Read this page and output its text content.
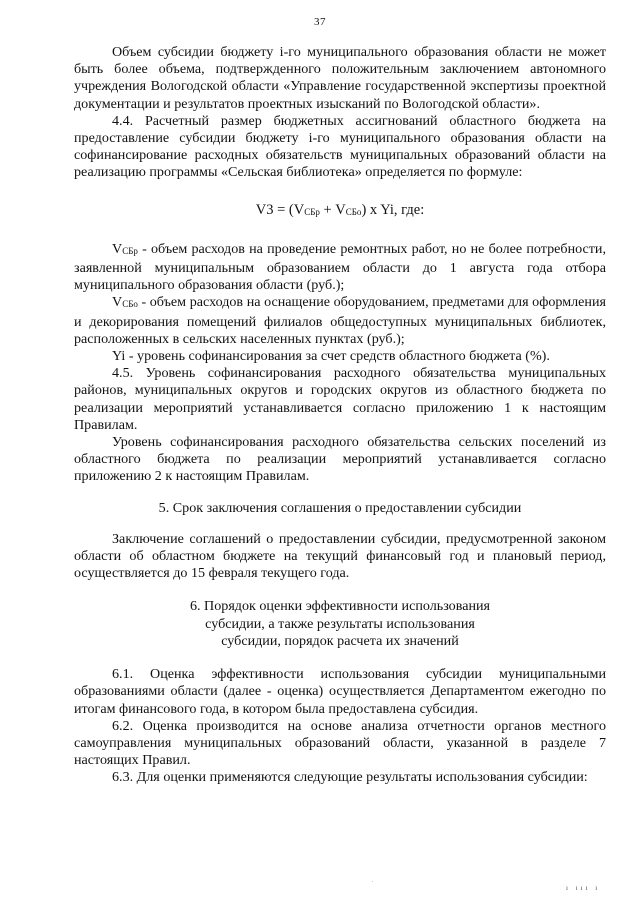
37

Объем субсидии бюджету i-го муниципального образования области не может быть более объема, подтвержденного положительным заключением автономного учреждения Вологодской области «Управление государственной экспертизы проектной документации и результатов проектных изысканий по Вологодской области».

4.4. Расчетный размер бюджетных ассигнований областного бюджета на предоставление субсидии бюджету i-го муниципального образования области на софинансирование расходных обязательств муниципальных образований области на реализацию программы «Сельская библиотека» определяется по формуле:

$V3 = (V_{СБр} + V_{СБо})$ x Yi, где:

$V_{СБр}$ - объем расходов на проведение ремонтных работ, но не более потребности, заявленной муниципальным образованием области до 1 августа года отбора муниципального образования области (руб.);

$V_{СБо}$ - объем расходов на оснащение оборудованием, предметами для оформления и декорирования помещений филиалов общедоступных муниципальных библиотек, расположенных в сельских населенных пунктах (руб.);

Yi - уровень софинансирования за счет средств областного бюджета (%).

4.5. Уровень софинансирования расходного обязательства муниципальных районов, муниципальных округов и городских округов из областного бюджета по реализации мероприятий устанавливается согласно приложению 1 к настоящим Правилам.

Уровень софинансирования расходного обязательства сельских поселений из областного бюджета по реализации мероприятий устанавливается согласно приложению 2 к настоящим Правилам.

5. Срок заключения соглашения о предоставлении субсидии

Заключение соглашений о предоставлении субсидии, предусмотренной законом области об областном бюджете на текущий финансовый год и плановый период, осуществляется до 15 февраля текущего года.

6. Порядок оценки эффективности использования

субсидии, а также результаты использования

субсидии, порядок расчета их значений

6.1. Оценка эффективности использования субсидии муниципальными образованиями области (далее - оценка) осуществляется Департаментом ежегодно по итогам финансового года, в котором была предоставлена субсидия.

6.2. Оценка производится на основе анализа отчетности органов местного самоуправления муниципальных образований области, указанной в разделе 7 настоящих Правил.

6.3. Для оценки применяются следующие результаты использования субсидии:

.
ı ııı ı
